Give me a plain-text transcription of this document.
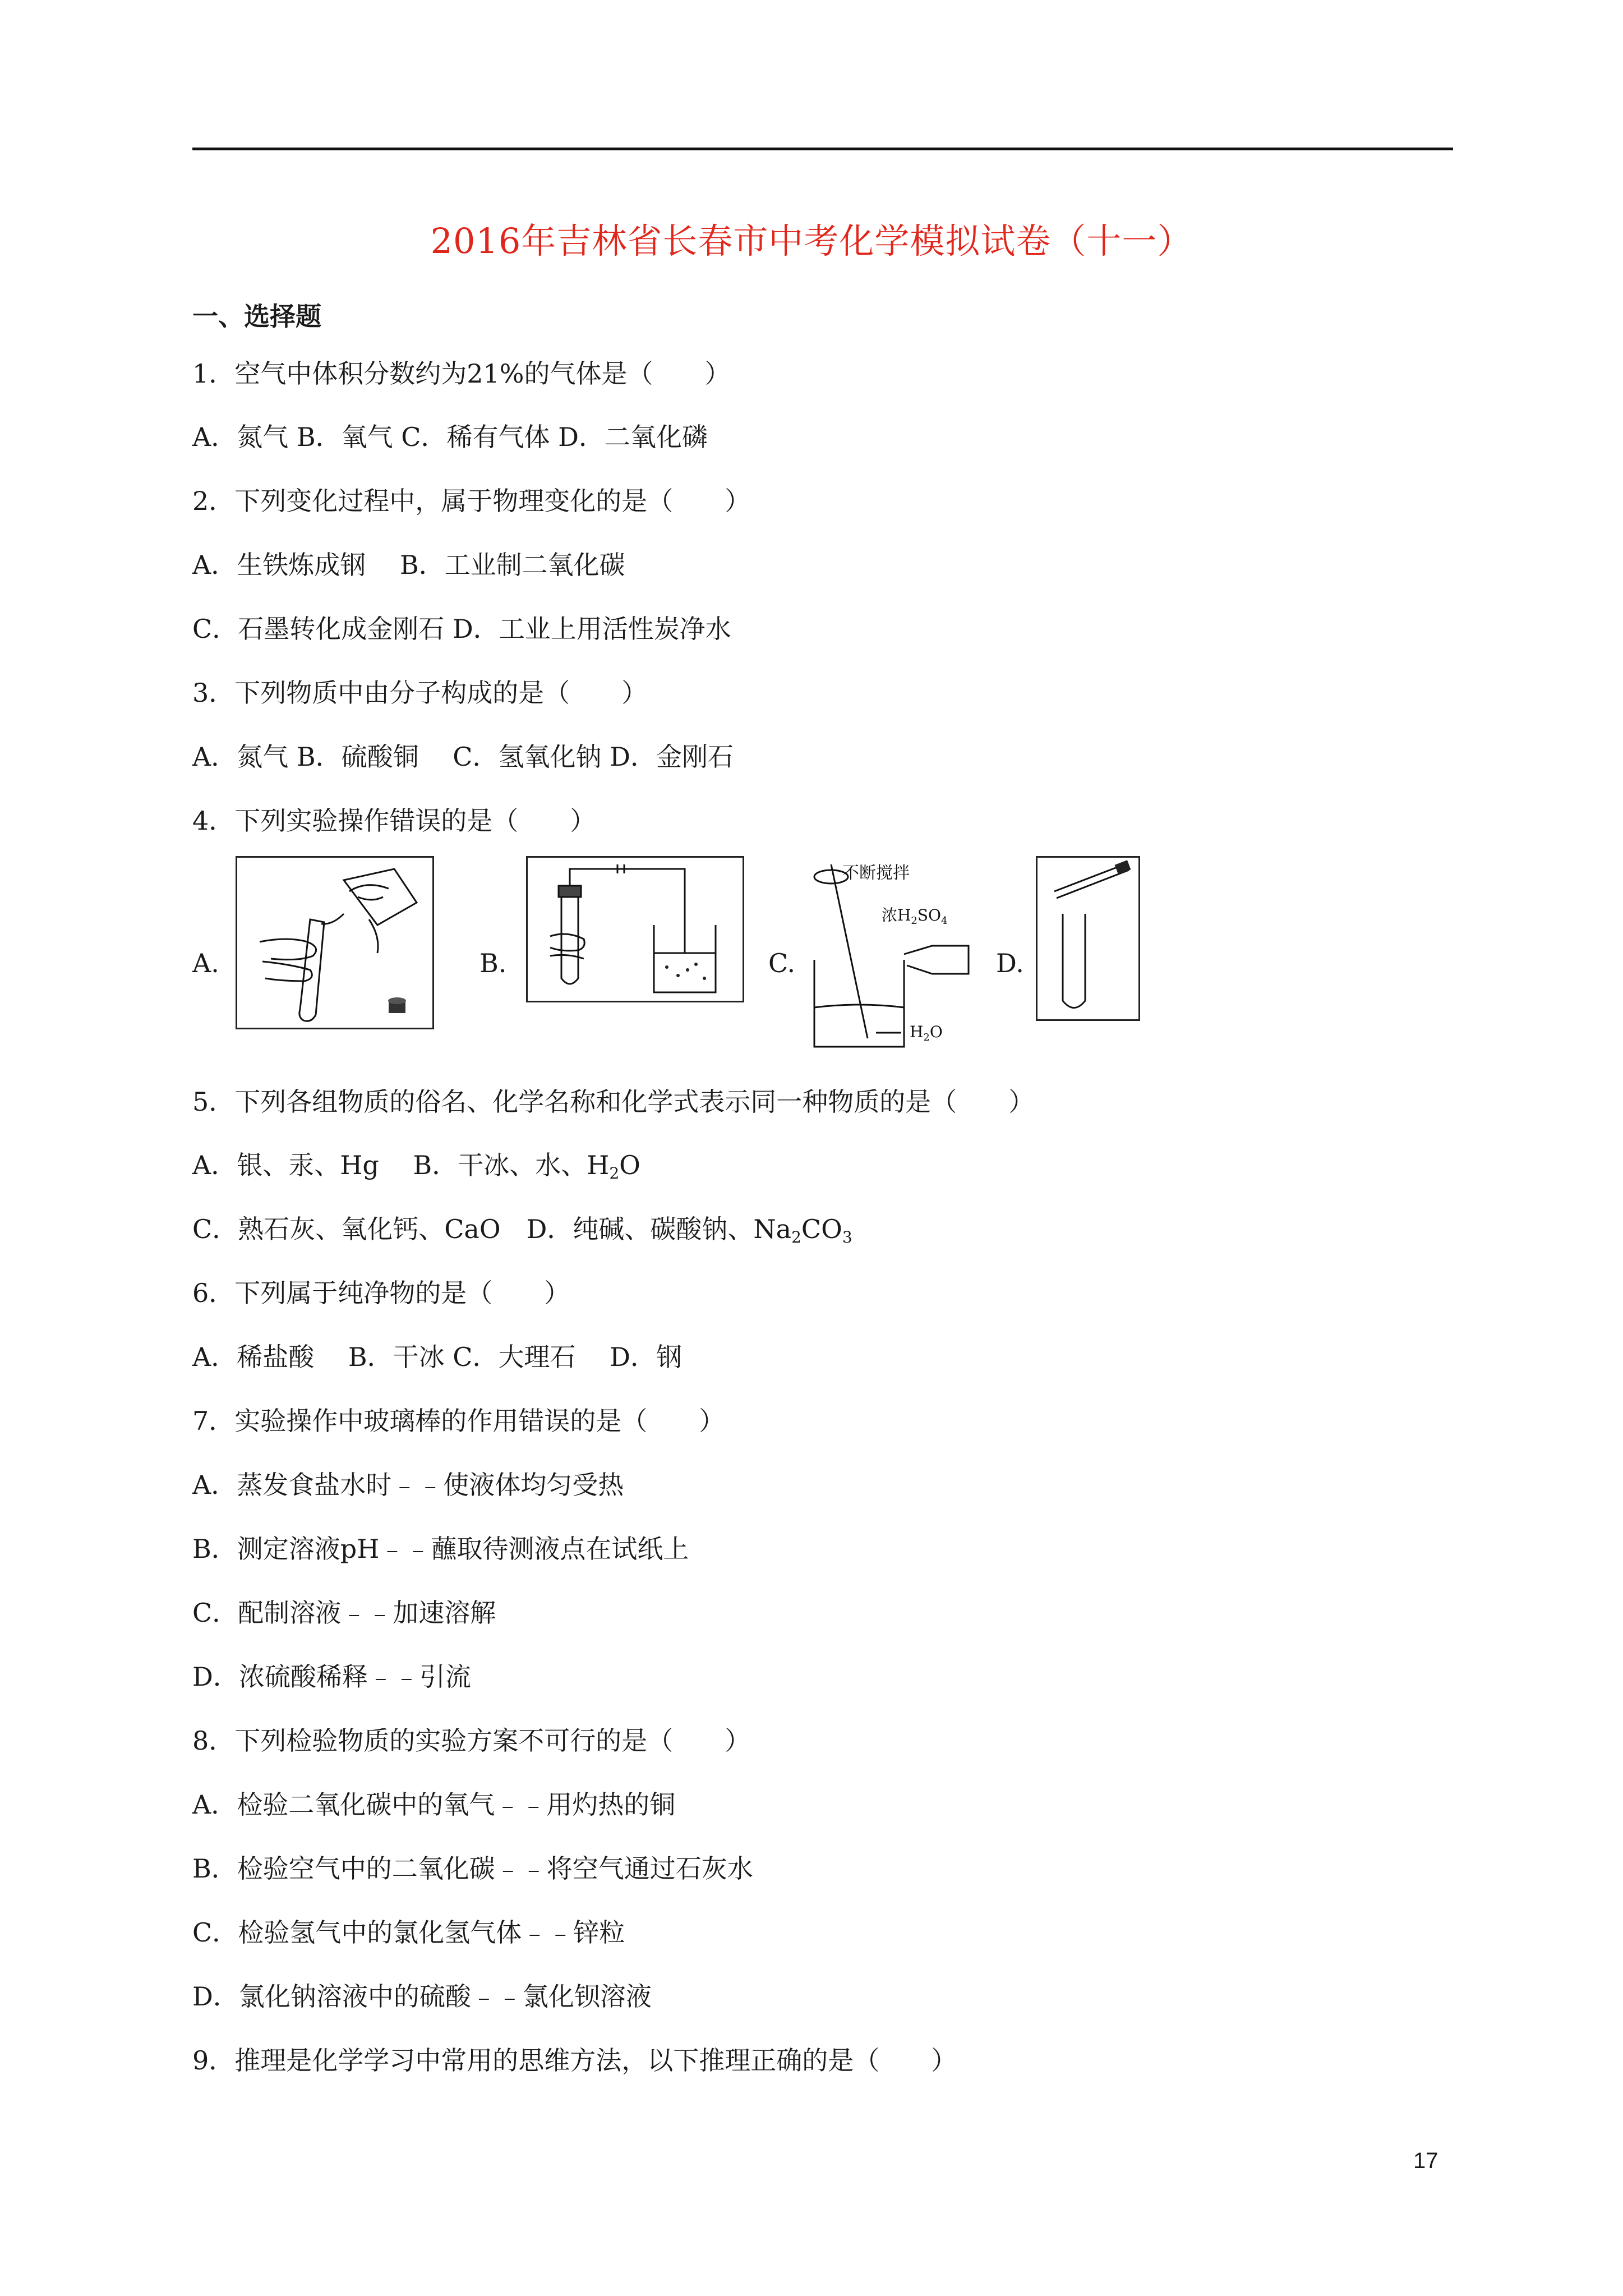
2016年吉林省长春市中考化学模拟试卷（十一）
一、选择题
1．空气中体积分数约为21%的气体是（　　）
A．氮气 B．氧气 C．稀有气体 D．二氧化磷
2．下列变化过程中，属于物理变化的是（　　）
A．生铁炼成钢　 B．工业制二氧化碳
C．石墨转化成金刚石 D．工业上用活性炭净水
3．下列物质中由分子构成的是（　　）
A．氮气 B．硫酸铜　 C．氢氧化钠 D．金刚石
4．下列实验操作错误的是（　　）
A.	B.	C.
不断搅拌
浓$H_2SO_4$
$H_2O$
D.
5．下列各组物质的俗名、化学名称和化学式表示同一种物质的是（　　）
A．银、汞、Hg　 B．干冰、水、$H_2O$
C．熟石灰、氧化钙、CaO　D．纯碱、碳酸钠、$Na_2CO_3$
6．下列属于纯净物的是（　　）
A．稀盐酸　 B．干冰 C．大理石　 D．钢
7．实验操作中玻璃棒的作用错误的是（　　）
A．蒸发食盐水时﹣﹣使液体均匀受热
B．测定溶液pH﹣﹣蘸取待测液点在试纸上
C．配制溶液﹣﹣加速溶解
D．浓硫酸稀释﹣﹣引流
8．下列检验物质的实验方案不可行的是（　　）
A．检验二氧化碳中的氧气﹣﹣用灼热的铜
B．检验空气中的二氧化碳﹣﹣将空气通过石灰水
C．检验氢气中的氯化氢气体﹣﹣锌粒
D．氯化钠溶液中的硫酸﹣﹣氯化钡溶液
9．推理是化学学习中常用的思维方法，以下推理正确的是（　　）
17
